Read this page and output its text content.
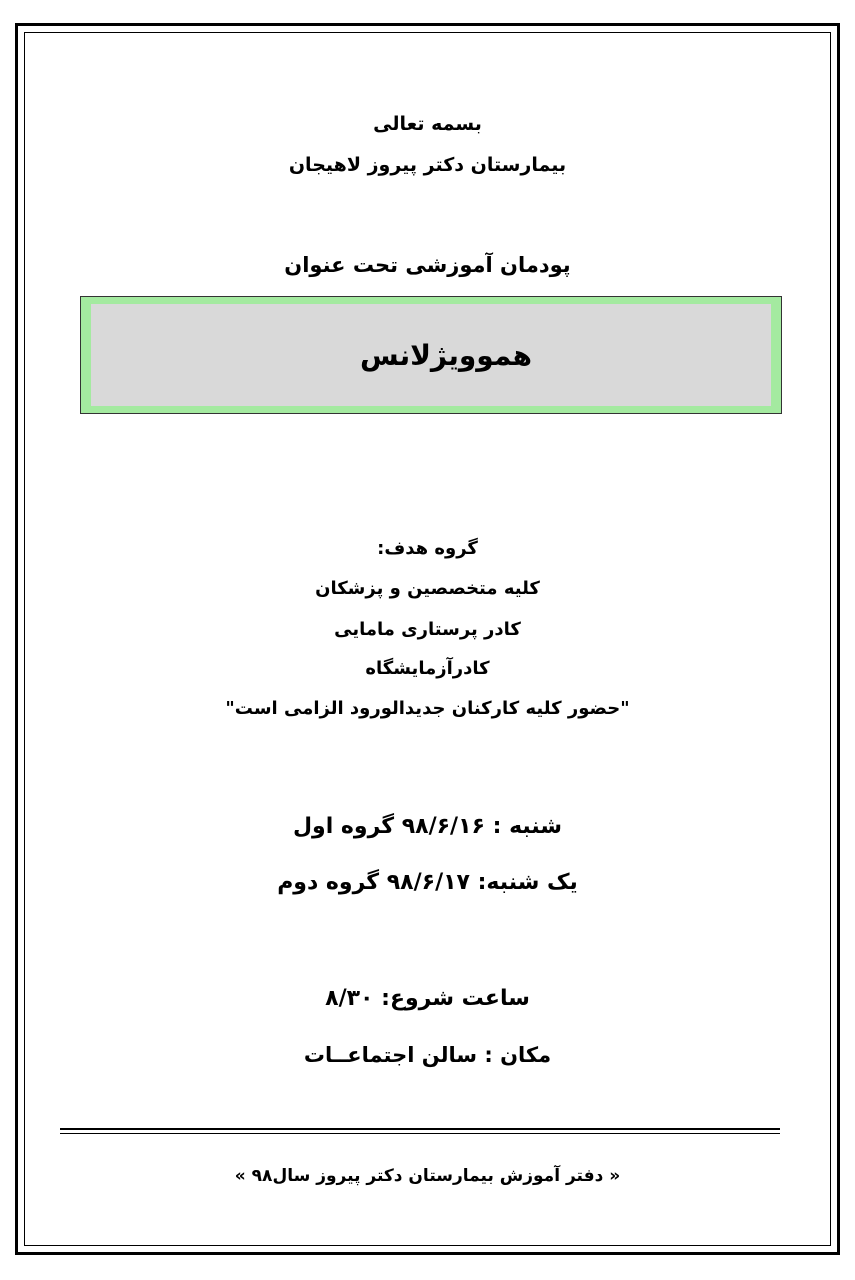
بسمه تعالی
بیمارستان دکتر پیروز لاهیجان
پودمان آموزشی تحت عنوان
هموویژلانس
گروه هدف:
کلیه متخصصین و پزشکان
کادر پرستاری مامایی
کادرآزمایشگاه
"حضور کلیه کارکنان جدیدالورود الزامی است"
شنبه : ۹۸/۶/۱۶ گروه اول
یک شنبه: ۹۸/۶/۱۷ گروه دوم
ساعت شروع: ۸/۳۰
مکان : سالن اجتماعــات
« دفتر آموزش بیمارستان دکتر پیروز سال۹۸ »
